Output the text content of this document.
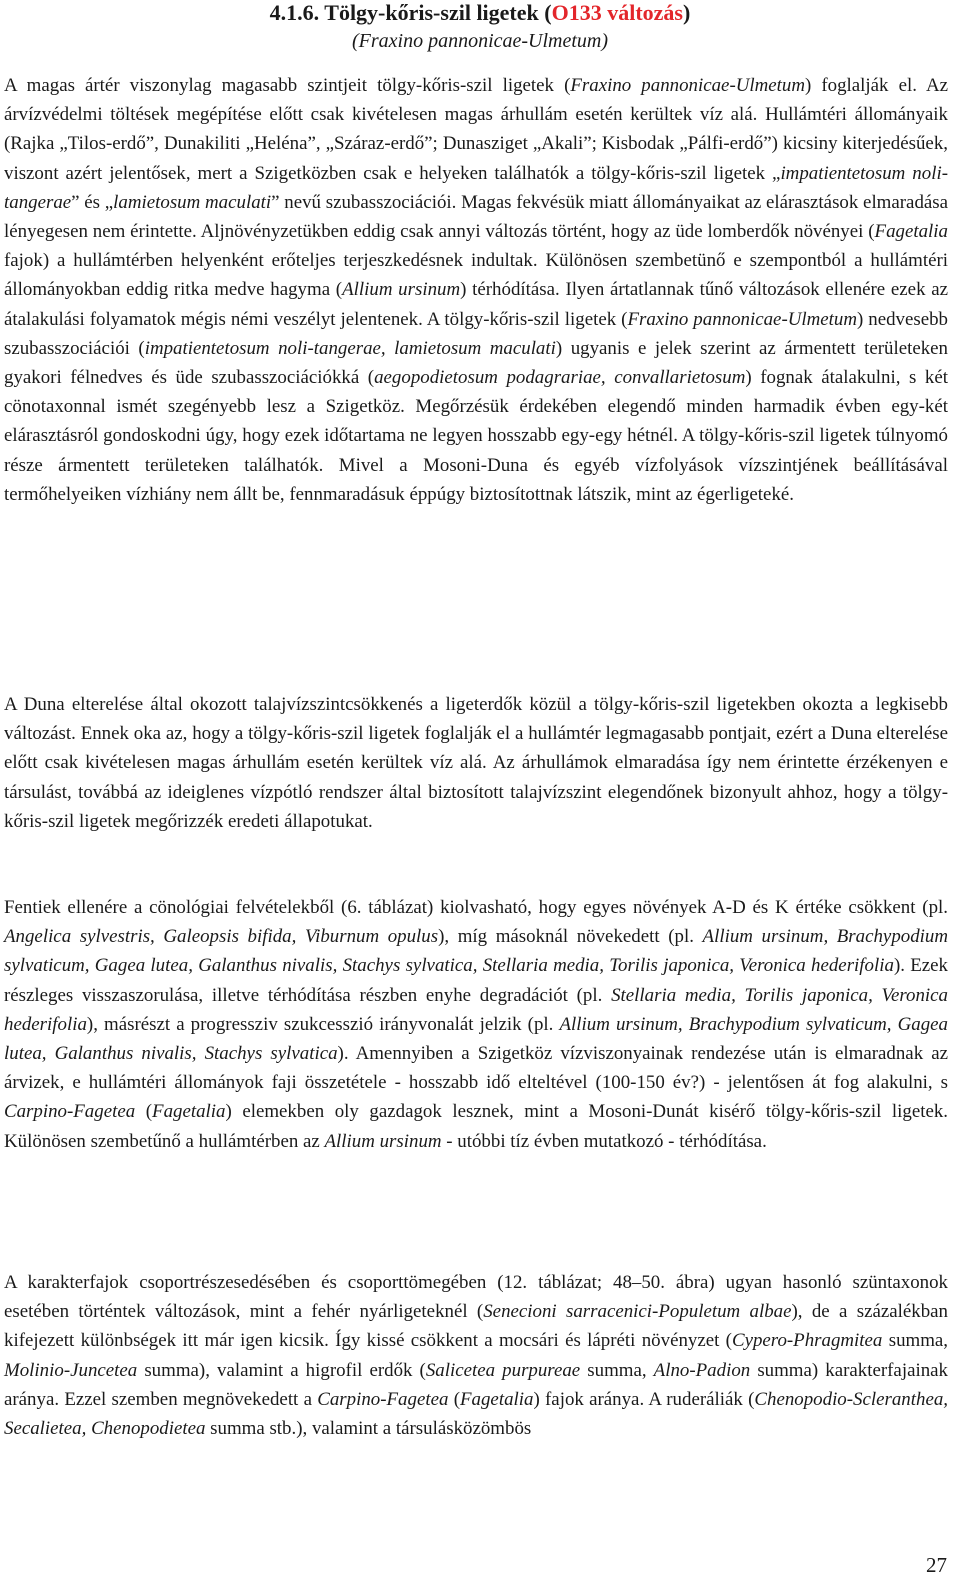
4.1.6. Tölgy-kőris-szil ligetek (O133 változás)
(Fraxino pannonicae-Ulmetum)

A magas ártér viszonylag magasabb szintjeit tölgy-kőris-szil ligetek (Fraxino pannonicae-Ulmetum) foglalják el. Az árvízvédelmi töltések megépítése előtt csak kivételesen magas árhullám esetén kerültek víz alá. Hullámtéri állományaik (Rajka „Tilos-erdő”, Dunakiliti „Heléna”, „Száraz-erdő”; Dunasziget „Akali”; Kisbodak „Pálfi-erdő”) kicsiny kiterjedésűek, viszont azért jelentősek, mert a Szigetközben csak e helyeken találhatók a tölgy-kőris-szil ligetek „impatientetosum noli-tangerae” és „lamietosum maculati” nevű szubasszociációi. Magas fekvésük miatt állományaikat az elárasztások elmaradása lényegesen nem érintette. Aljnövényzetükben eddig csak annyi változás történt, hogy az üde lomberdők növényei (Fagetalia fajok) a hullámtérben helyenként erőteljes terjeszkedésnek indultak. Különösen szembetünő e szempontból a hullámtéri állományokban eddig ritka medve hagyma (Allium ursinum) térhódítása. Ilyen ártatlannak tűnő változások ellenére ezek az átalakulási folyamatok mégis némi veszélyt jelentenek. A tölgy-kőris-szil ligetek (Fraxino pannonicae-Ulmetum) nedvesebb szubasszociációi (impatientetosum noli-tangerae, lamietosum maculati) ugyanis e jelek szerint az ármentett területeken gyakori félnedves és üde szubasszociációkká (aegopodietosum podagrariae, convallarietosum) fognak átalakulni, s két cönotaxonnal ismét szegényebb lesz a Szigetköz. Megőrzésük érdekében elegendő minden harmadik évben egy-két elárasztásról gondoskodni úgy, hogy ezek időtartama ne legyen hosszabb egy-egy hétnél. A tölgy-kőris-szil ligetek túlnyomó része ármentett területeken találhatók. Mivel a Mosoni-Duna és egyéb vízfolyások vízszintjének beállításával termőhelyeiken vízhiány nem állt be, fennmaradásuk éppúgy biztosítottnak látszik, mint az égerligeteké.

A Duna elterelése által okozott talajvízszintcsökkenés a ligeterdők közül a tölgy-kőris-szil ligetekben okozta a legkisebb változást. Ennek oka az, hogy a tölgy-kőris-szil ligetek foglalják el a hullámtér legmagasabb pontjait, ezért a Duna elterelése előtt csak kivételesen magas árhullám esetén kerültek víz alá. Az árhullámok elmaradása így nem érintette érzékenyen e társulást, továbbá az ideiglenes vízpótló rendszer által biztosított talajvízszint elegendőnek bizonyult ahhoz, hogy a tölgy-kőris-szil ligetek megőrizzék eredeti állapotukat.

Fentiek ellenére a cönológiai felvételekből (6. táblázat) kiolvasható, hogy egyes növények A-D és K értéke csökkent (pl. Angelica sylvestris, Galeopsis bifida, Viburnum opulus), míg másoknál növekedett (pl. Allium ursinum, Brachypodium sylvaticum, Gagea lutea, Galanthus nivalis, Stachys sylvatica, Stellaria media, Torilis japonica, Veronica hederifolia). Ezek részleges visszaszorulása, illetve térhódítása részben enyhe degradációt (pl. Stellaria media, Torilis japonica, Veronica hederifolia), másrészt a progressziv szukcesszió irányvonalát jelzik (pl. Allium ursinum, Brachypodium sylvaticum, Gagea lutea, Galanthus nivalis, Stachys sylvatica). Amennyiben a Szigetköz vízviszonyainak rendezése után is elmaradnak az árvizek, e hullámtéri állományok faji összetétele - hosszabb idő elteltével (100-150 év?) - jelentősen át fog alakulni, s Carpino-Fagetea (Fagetalia) elemekben oly gazdagok lesznek, mint a Mosoni-Dunát kisérő tölgy-kőris-szil ligetek. Különösen szembetűnő a hullámtérben az Allium ursinum - utóbbi tíz évben mutatkozó - térhódítása.

A karakterfajok csoportrészesedésében és csoporttömegében (12. táblázat; 48–50. ábra) ugyan hasonló szüntaxonok esetében történtek változások, mint a fehér nyárligeteknél (Senecioni sarracenici-Populetum albae), de a százalékban kifejezett különbségek itt már igen kicsik. Így kissé csökkent a mocsári és lápréti növényzet (Cypero-Phragmitea summa, Molinio-Juncetea summa), valamint a higrofil erdők (Salicetea purpureae summa, Alno-Padion summa) karakterfajainak aránya. Ezzel szemben megnövekedett a Carpino-Fagetea (Fagetalia) fajok aránya. A ruderáliák (Chenopodio-Scleranthea, Secalietea, Chenopodietea summa stb.), valamint a társulásközömbös

27
